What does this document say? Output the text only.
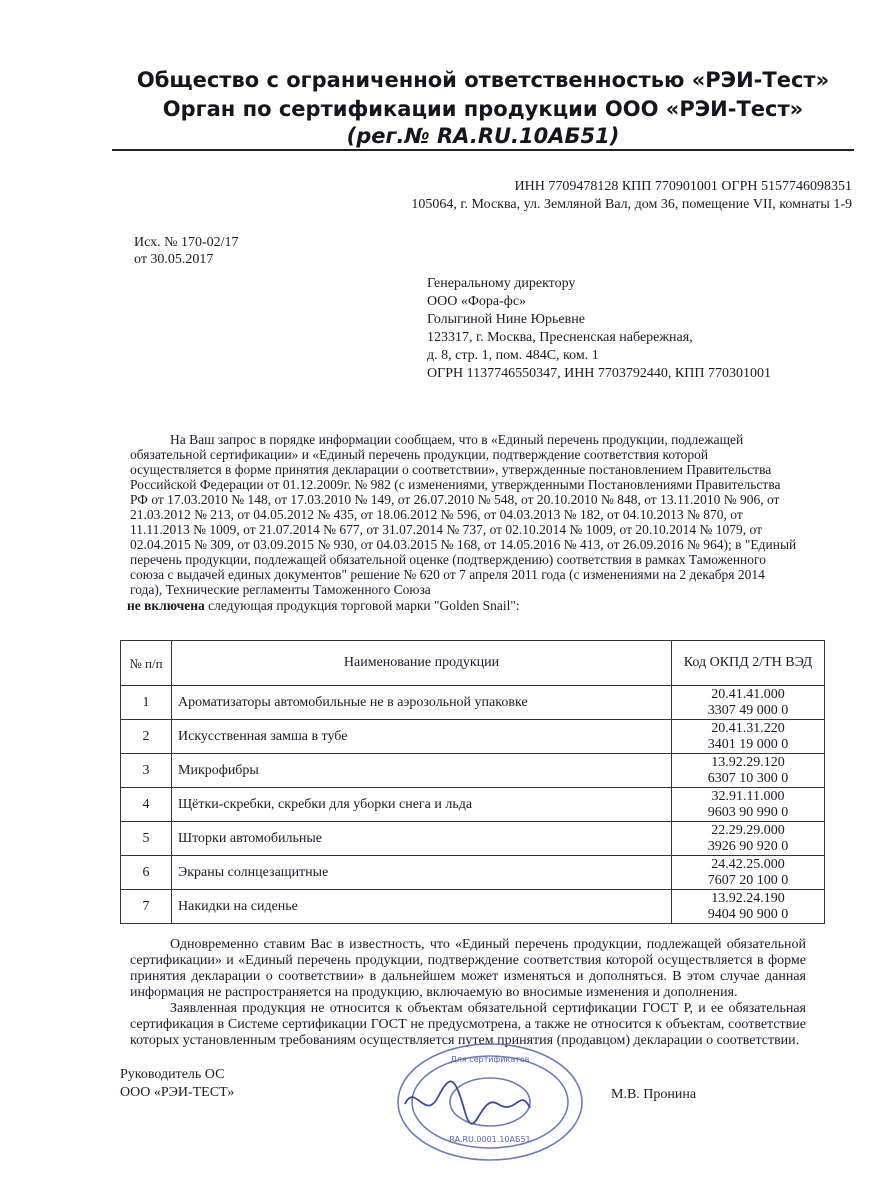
Общество с ограниченной ответственностью «РЭИ-Тест»
Орган по сертификации продукции ООО «РЭИ-Тест»
(рег.№ RA.RU.10АБ51)
ИНН 7709478128 КПП 770901001 ОГРН 5157746098351
105064, г. Москва, ул. Земляной Вал, дом 36, помещение VII, комнаты 1-9
Исх. № 170-02/17
от 30.05.2017
Генеральному директору
ООО «Фора-фс»
Голыгиной Нине Юрьевне
123317, г. Москва, Пресненская набережная,
д. 8, стр. 1, пом. 484С, ком. 1
ОГРН 1137746550347, ИНН 7703792440, КПП 770301001
На Ваш запрос в порядке информации сообщаем, что в «Единый перечень продукции, подлежащей
обязательной сертификации» и «Единый перечень продукции, подтверждение соответствия которой
осуществляется в форме принятия декларации о соответствии», утвержденные постановлением Правительства
Российской Федерации от 01.12.2009г. № 982 (с изменениями, утвержденными Постановлениями Правительства
РФ от 17.03.2010 № 148, от 17.03.2010 № 149, от 26.07.2010 № 548, от 20.10.2010 № 848, от 13.11.2010 № 906, от
21.03.2012 № 213, от 04.05.2012 № 435, от 18.06.2012 № 596, от 04.03.2013 № 182, от 04.10.2013 № 870, от
11.11.2013 № 1009, от 21.07.2014 № 677, от 31.07.2014 № 737, от 02.10.2014 № 1009, от 20.10.2014 № 1079, от
02.04.2015 № 309, от 03.09.2015 № 930, от 04.03.2015 № 168, от 14.05.2016 № 413, от 26.09.2016 № 964); в "Единый
перечень продукции, подлежащей обязательной оценке (подтверждению) соответствия в рамках Таможенного
союза с выдачей единых документов" решение № 620 от 7 апреля 2011 года (с изменениями на 2 декабря 2014
года), Технические регламенты Таможенного Союза
не включена следующая продукция торговой марки "Golden Snail":
№ п/п	Наименование продукции	Код ОКПД 2/ТН ВЭД
1	Ароматизаторы автомобильные не в аэрозольной упаковке	20.41.41.000
3307 49 000 0

2	Искусственная замша в тубе	20.41.31.220
3401 19 000 0

3	Микрофибры	13.92.29.120
6307 10 300 0

4	Щётки-скребки, скребки для уборки снега и льда	32.91.11.000
9603 90 990 0

5	Шторки автомобильные	22.29.29.000
3926 90 920 0

6	Экраны солнцезащитные	24.42.25.000
7607 20 100 0

7	Накидки на сиденье	13.92.24.190
9404 90 900 0

Одновременно ставим Вас в известность, что «Единый перечень продукции, подлежащей обязательной сертификации» и «Единый перечень продукции, подтверждение соответствия которой осуществляется в форме принятия декларации о соответствии» в дальнейшем может изменяться и дополняться. В этом случае данная информация не распространяется на продукцию, включаемую во вносимые изменения и дополнения.

Заявленная продукция не относится к объектам обязательной сертификации ГОСТ Р, и ее обязательная сертификация в Системе сертификации ГОСТ не предусмотрена, а также не относится к объектам, соответствие которых установленным требованиям осуществляется путем принятия (продавцом) декларации о соответствии.

Руководитель ОС
ООО «РЭИ-ТЕСТ»	М.В. Пронина
Для сертификатов
RA.RU.0001.10АБ51
